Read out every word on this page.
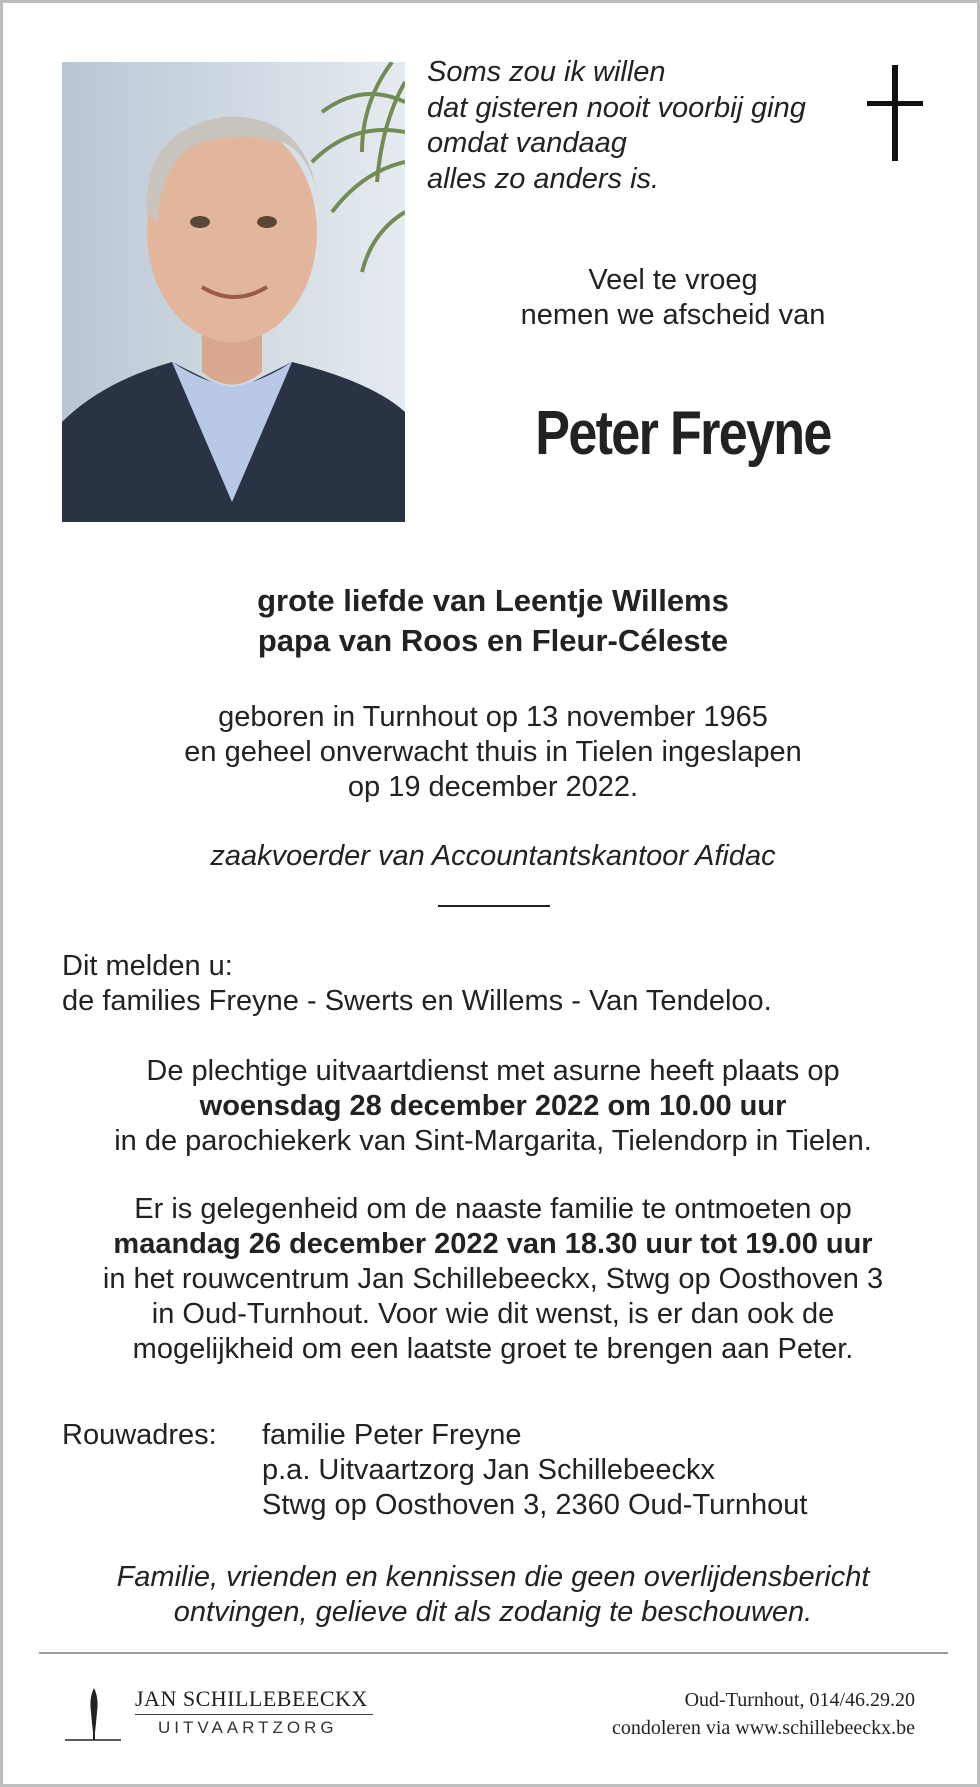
Soms zou ik willen
dat gisteren nooit voorbij ging
omdat vandaag
alles zo anders is.
Veel te vroeg
nemen we afscheid van
Peter Freyne
grote liefde van Leentje Willems
papa van Roos en Fleur-Céleste
geboren in Turnhout op 13 november 1965
en geheel onverwacht thuis in Tielen ingeslapen
op 19 december 2022.
zaakvoerder van Accountantskantoor Afidac
Dit melden u:
de families Freyne - Swerts en Willems - Van Tendeloo.
De plechtige uitvaartdienst met asurne heeft plaats op
woensdag 28 december 2022 om 10.00 uur
in de parochiekerk van Sint-Margarita, Tielendorp in Tielen.
Er is gelegenheid om de naaste familie te ontmoeten op
maandag 26 december 2022 van 18.30 uur tot 19.00 uur
in het rouwcentrum Jan Schillebeeckx, Stwg op Oosthoven 3
in Oud-Turnhout. Voor wie dit wenst, is er dan ook de
mogelijkheid om een laatste groet te brengen aan Peter.
Rouwadres: familie Peter Freyne
p.a. Uitvaartzorg Jan Schillebeeckx
Stwg op Oosthoven 3, 2360 Oud-Turnhout
Familie, vrienden en kennissen die geen overlijdensbericht
ontvingen, gelieve dit als zodanig te beschouwen.
JAN SCHILLEBEECKX
UITVAARTZORG
Oud-Turnhout, 014/46.29.20
condoleren via www.schillebeeckx.be
